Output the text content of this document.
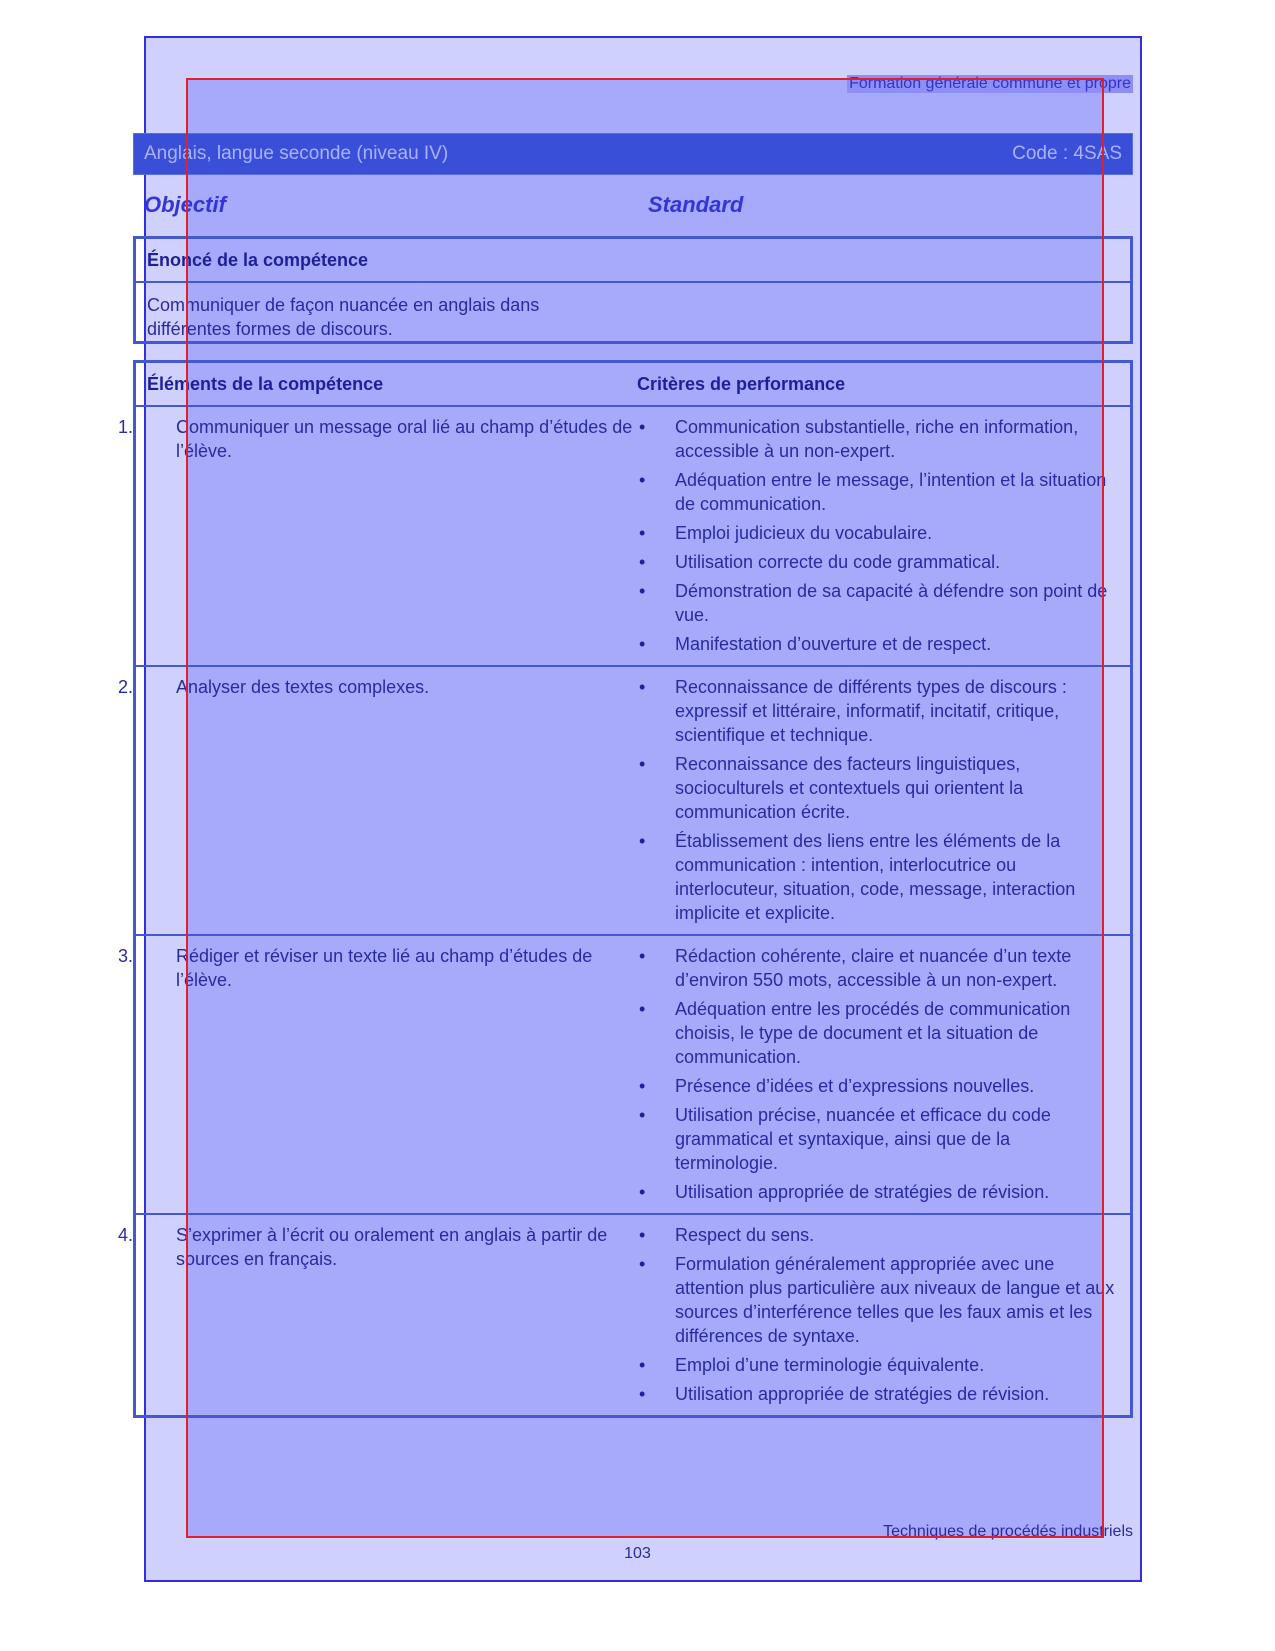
Formation générale commune et propre
Anglais, langue seconde (niveau IV)	Code : 4SAS
Objectif	Standard
Énoncé de la compétence
Communiquer de façon nuancée en anglais dans différentes formes de discours.
Éléments de la compétence	Critères de performance
1. Communiquer un message oral lié au champ d’études de l’élève.
•	Communication substantielle, riche en information, accessible à un non-expert.
•	Adéquation entre le message, l’intention et la situation de communication.
•	Emploi judicieux du vocabulaire.
•	Utilisation correcte du code grammatical.
•	Démonstration de sa capacité à défendre son point de vue.
•	Manifestation d’ouverture et de respect.
2. Analyser des textes complexes.	•	Reconnaissance de différents types de discours : expressif et littéraire, informatif, incitatif, critique, scientifique et technique.
•	Reconnaissance des facteurs linguistiques, socioculturels et contextuels qui orientent la communication écrite.
•	Établissement des liens entre les éléments de la communication : intention, interlocutrice ou interlocuteur, situation, code, message, interaction implicite et explicite.
3. Rédiger et réviser un texte lié au champ d’études de l’élève.
•	Rédaction cohérente, claire et nuancée d’un texte d’environ 550 mots, accessible à un non-expert.
•	Adéquation entre les procédés de communication choisis, le type de document et la situation de communication.
•	Présence d’idées et d’expressions nouvelles.
•	Utilisation précise, nuancée et efficace du code grammatical et syntaxique, ainsi que de la terminologie.
•	Utilisation appropriée de stratégies de révision.
4. S’exprimer à l’écrit ou oralement en anglais à partir de sources en français.
•	Respect du sens.
•	Formulation généralement appropriée avec une attention plus particulière aux niveaux de langue et aux sources d’interférence telles que les faux amis et les différences de syntaxe.
•	Emploi d’une terminologie équivalente.
•	Utilisation appropriée de stratégies de révision.
Techniques de procédés industriels
103
